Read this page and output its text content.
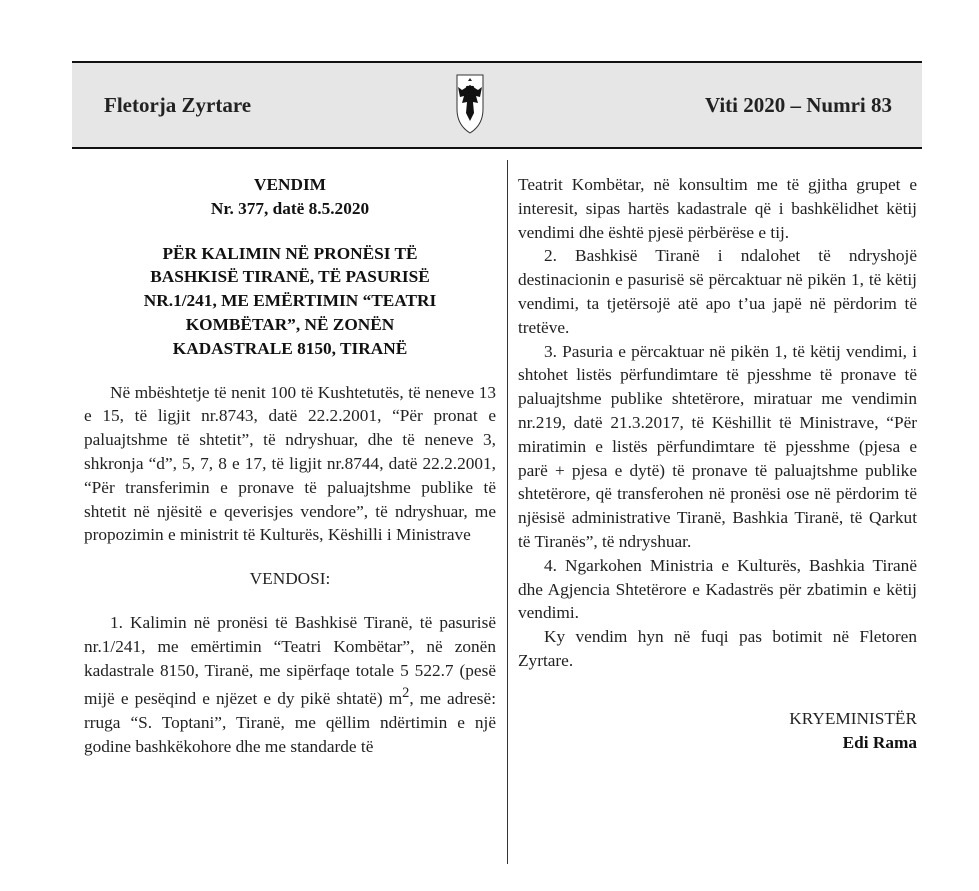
Fletorja Zyrtare	Viti 2020 – Numri 83

VENDIM

Nr. 377, datë 8.5.2020

PËR KALIMIN NË PRONËSI TË

BASHKISË TIRANË, TË PASURISË

NR.1/241, ME EMËRTIMIN “TEATRI

KOMBËTAR”, NË ZONËN

KADASTRALE 8150, TIRANË

Në mbështetje të nenit 100 të Kushtetutës, të neneve 13 e 15, të ligjit nr.8743, datë 22.2.2001, “Për pronat e paluajtshme të shtetit”, të ndryshuar, dhe të neneve 3, shkronja “d”, 5, 7, 8 e 17, të ligjit nr.8744, datë 22.2.2001, “Për transferimin e pronave të paluajtshme publike të shtetit në njësitë e qeverisjes vendore”, të ndryshuar, me propozimin e ministrit të Kulturës, Këshilli i Ministrave

VENDOSI:

1. Kalimin në pronësi të Bashkisë Tiranë, të pasurisë nr.1/241, me emërtimin “Teatri Kombëtar”, në zonën kadastrale 8150, Tiranë, me sipërfaqe totale 5 522.7 (pesë mijë e pesëqind e njëzet e dy pikë shtatë) $m^2$, me adresë: rruga “S. Toptani”, Tiranë, me qëllim ndërtimin e një godine bashkëkohore dhe me standarde të

Teatrit Kombëtar, në konsultim me të gjitha grupet e interesit, sipas hartës kadastrale që i bashkëlidhet këtij vendimi dhe është pjesë përbërëse e tij.

2. Bashkisë Tiranë i ndalohet të ndryshojë destinacionin e pasurisë së përcaktuar në pikën 1, të këtij vendimi, ta tjetërsojë atë apo t’ua japë në përdorim të tretëve.

3. Pasuria e përcaktuar në pikën 1, të këtij vendimi, i shtohet listës përfundimtare të pjesshme të pronave të paluajtshme publike shtetërore, miratuar me vendimin nr.219, datë 21.3.2017, të Këshillit të Ministrave, “Për miratimin e listës përfundimtare të pjesshme (pjesa e parë + pjesa e dytë) të pronave të paluajtshme publike shtetërore, që transferohen në pronësi ose në përdorim të njësisë administrative Tiranë, Bashkia Tiranë, të Qarkut të Tiranës”, të ndryshuar.

4. Ngarkohen Ministria e Kulturës, Bashkia Tiranë dhe Agjencia Shtetërore e Kadastrës për zbatimin e këtij vendimi.

Ky vendim hyn në fuqi pas botimit në Fletoren Zyrtare.

KRYEMINISTËR

Edi Rama
